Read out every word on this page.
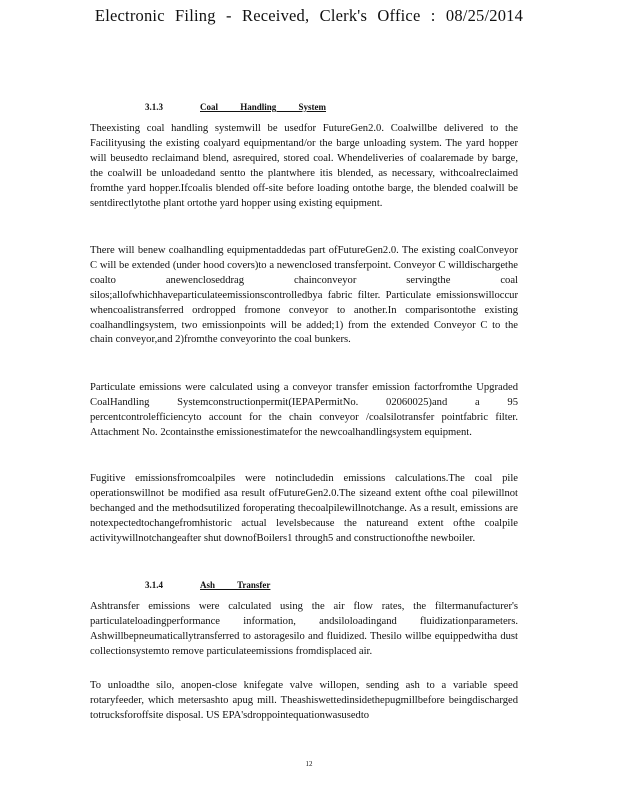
Electronic Filing - Received, Clerk's Office : 08/25/2014
3.1.3	Coal Handling System
Theexisting coal handling systemwill be usedfor FutureGen2.0. Coalwillbe delivered to the Facilityusing the existing coalyard equipmentand/or the barge unloading system. The yard hopper will beusedto reclaimand blend, asrequired, stored coal. Whendeliveries of coalaremade by barge, the coalwill be unloadedand sentto the plantwhere itis blended, as necessary, withcoalreclaimed fromthe yard hopper.Ifcoalis blended off-site before loading ontothe barge, the blended coalwill be sentdirectlytothe plant ortothe yard hopper using existing equipment.
There will benew coalhandling equipmentaddedas part ofFutureGen2.0. The existing coalConveyor C will be extended (under hood covers)to a newenclosed transferpoint. Conveyor C willdischargethe coalto anewencloseddrag chainconveyor servingthe coal silos;allofwhichhaveparticulateemissionscontrolledbya fabric filter. Particulate emissionswilloccur whencoalistransferred ordropped fromone conveyor to another.In comparisontothe existing coalhandlingsystem, two emissionpoints will be added;1) from the extended Conveyor C to the chain conveyor,and 2)fromthe conveyorinto the coal bunkers.
Particulate emissions were calculated using a conveyor transfer emission factorfromthe Upgraded CoalHandling Systemconstructionpermit(IEPAPermitNo. 02060025)and a 95 percentcontrolefficiencyto account for the chain conveyor /coalsilotransfer pointfabric filter. Attachment No. 2containsthe emissionestimatefor the newcoalhandlingsystem equipment.
Fugitive emissionsfromcoalpiles were notincludedin emissions calculations.The coal pile operationswillnot be modified asa result ofFutureGen2.0.The sizeand extent ofthe coal pilewillnot bechanged and the methodsutilized foroperating thecoalpilewillnotchange. As a result, emissions are notexpectedtochangefromhistoric actual levelsbecause the natureand extent ofthe coalpile activitywillnotchangeafter shut downofBoilers1 through5 and constructionofthe newboiler.
3.1.4	Ash Transfer
Ashtransfer emissions were calculated using the air flow rates, the filtermanufacturer's particulateloadingperformance information, andsiloloadingand fluidizationparameters. Ashwillbepneumaticallytransferred to astoragesilo and fluidized. Thesilo willbe equippedwitha dust collectionsystemto remove particulateemissions fromdisplaced air.
To unloadthe silo, anopen-close knifegate valve willopen, sending ash to a variable speed rotaryfeeder, which metersashto apug mill. Theashiswettedinsidethepugmillbefore beingdischarged totrucksforoffsite disposal. US EPA'sdroppointequationwasusedto
12
